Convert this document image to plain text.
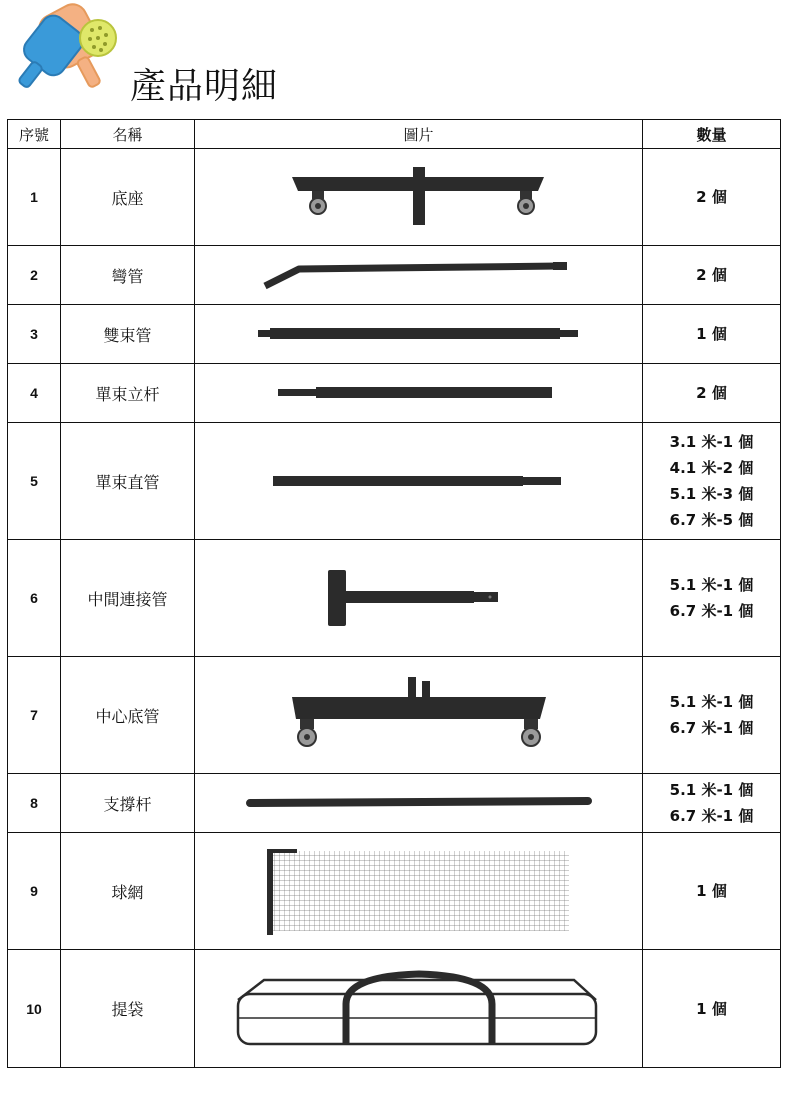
產品明細
序號	名稱	圖片	數量
1	底座		2 個

2	彎管		2 個

3	雙束管		1 個

4	單束立杆		2 個

5	單束直管		3.1 米-1 個
4.1 米-2 個
5.1 米-3 個
6.7 米-5 個

6	中間連接管		5.1 米-1 個
6.7 米-1 個

7	中心底管		5.1 米-1 個
6.7 米-1 個

8	支撐杆		5.1 米-1 個
6.7 米-1 個

9	球網		1 個

10	提袋		1 個
